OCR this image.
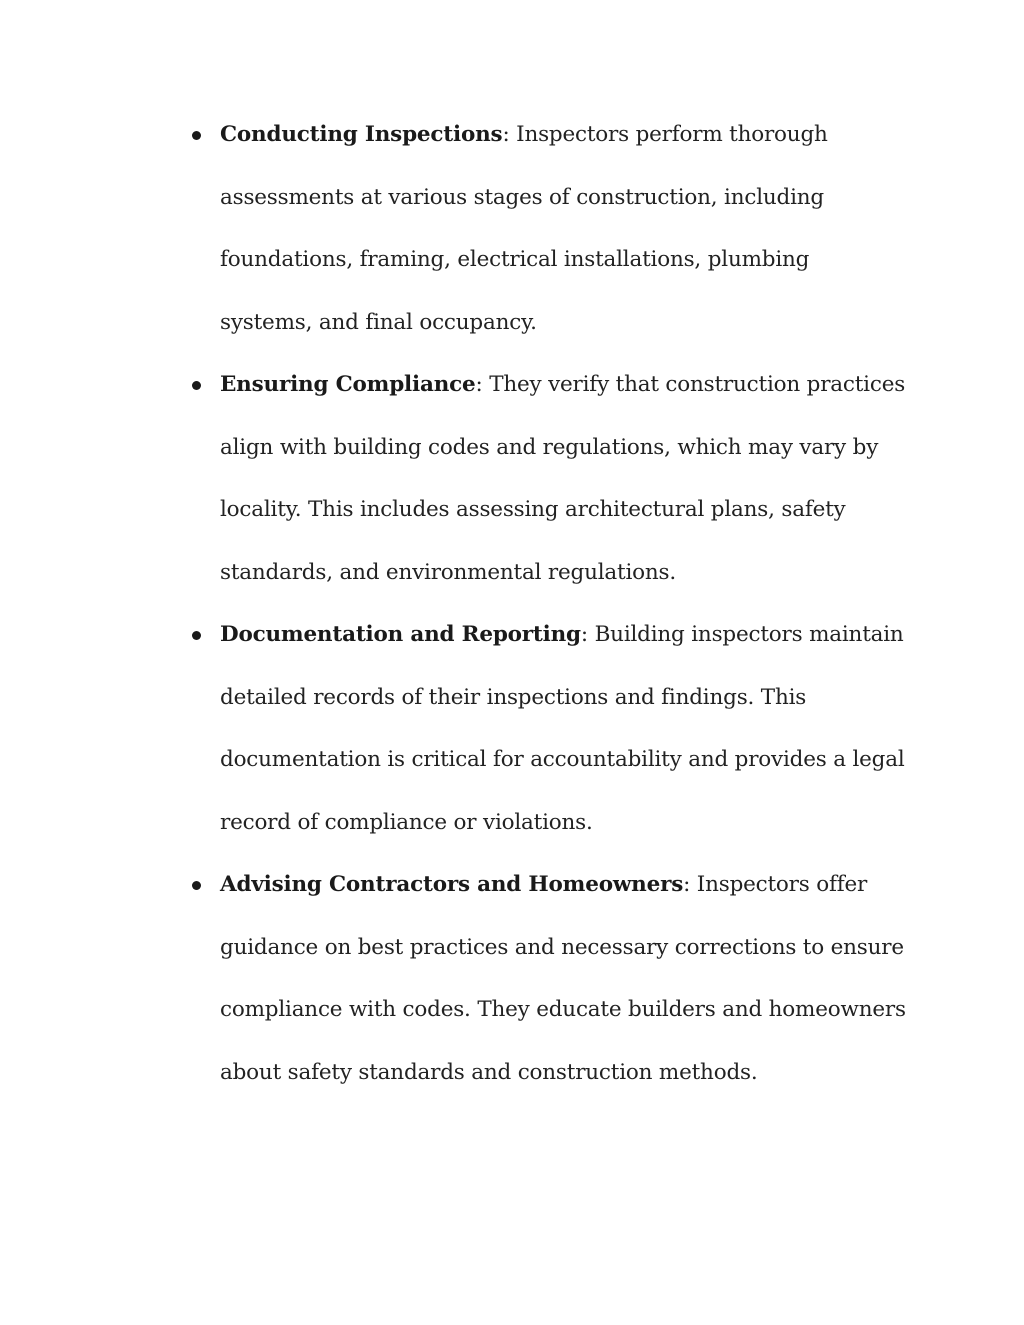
Conducting Inspections: Inspectors perform thorough assessments at various stages of construction, including foundations, framing, electrical installations, plumbing systems, and final occupancy.
Ensuring Compliance: They verify that construction practices align with building codes and regulations, which may vary by locality. This includes assessing architectural plans, safety standards, and environmental regulations.
Documentation and Reporting: Building inspectors maintain detailed records of their inspections and findings. This documentation is critical for accountability and provides a legal record of compliance or violations.
Advising Contractors and Homeowners: Inspectors offer guidance on best practices and necessary corrections to ensure compliance with codes. They educate builders and homeowners about safety standards and construction methods.
